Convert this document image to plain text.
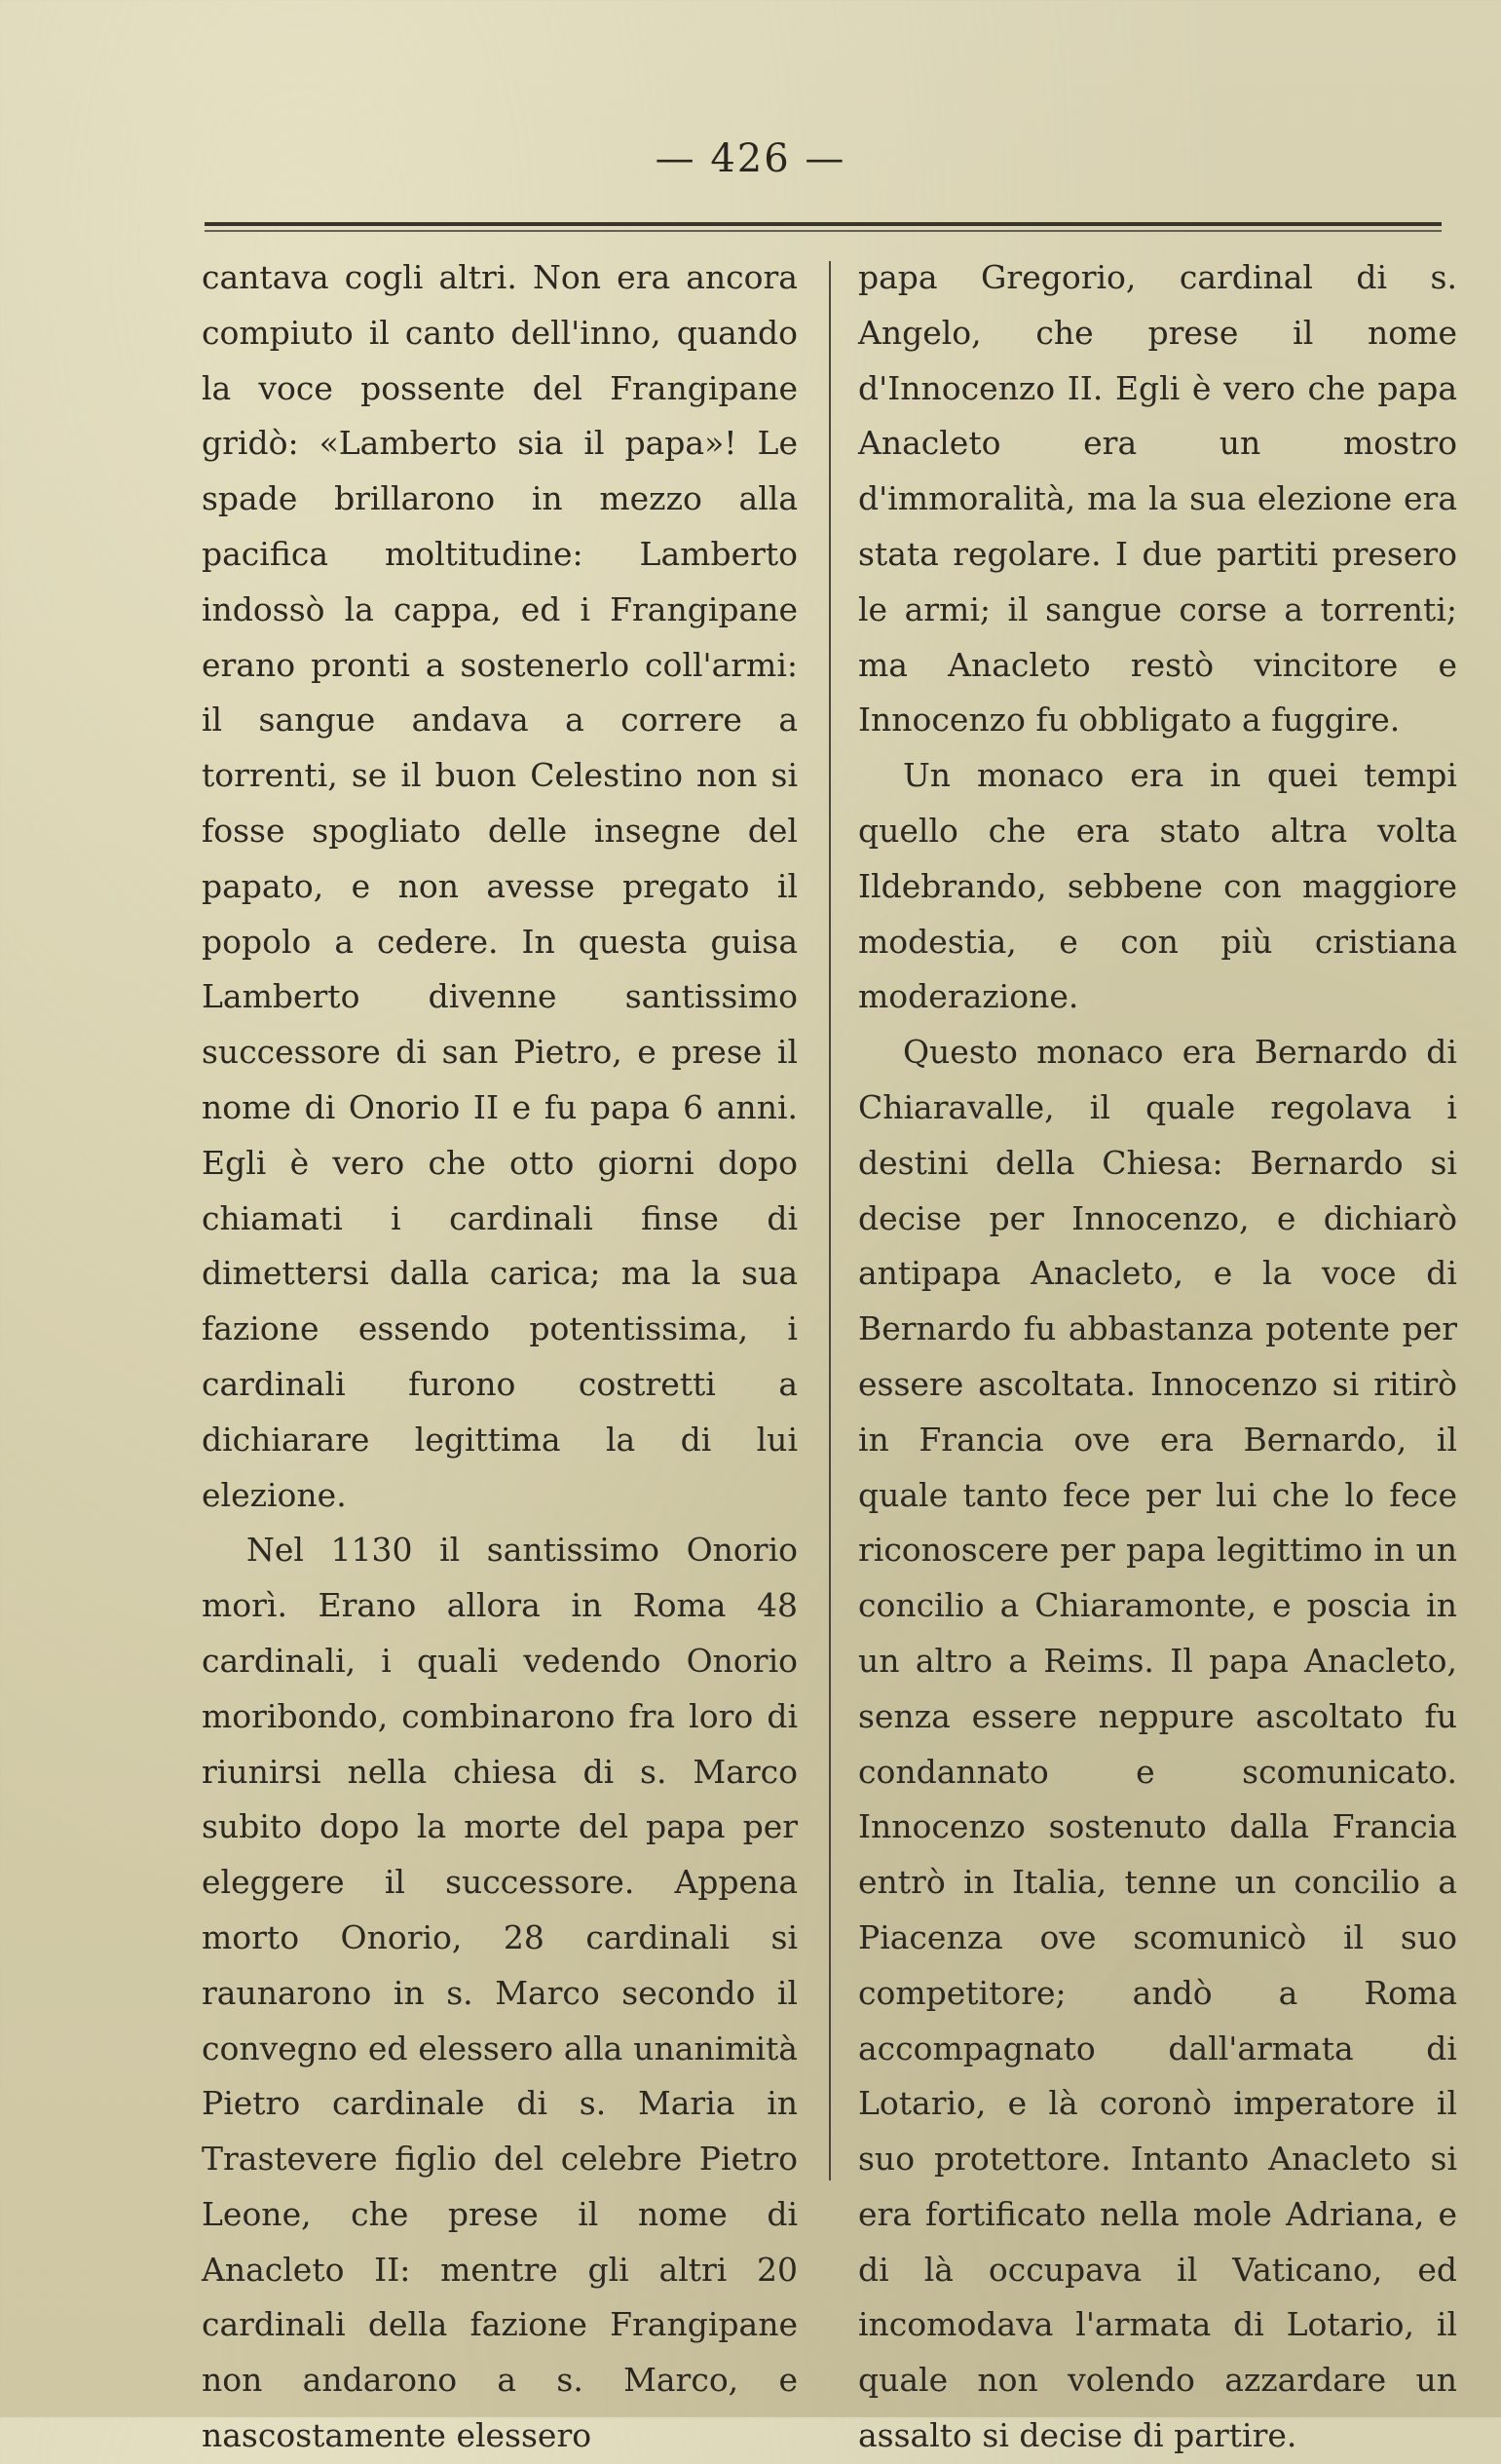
— 426 —

cantava cogli altri. Non era ancora compiuto il canto dell'inno, quando la voce possente del Frangipane gridò: «Lamberto sia il papa»! Le spade brillarono in mezzo alla pacifica moltitudine: Lamberto indossò la cappa, ed i Frangipane erano pronti a sostenerlo coll'armi: il sangue andava a correre a torrenti, se il buon Celestino non si fosse spogliato delle insegne del papato, e non avesse pregato il popolo a cedere. In questa guisa Lamberto divenne santissimo successore di san Pietro, e prese il nome di Onorio II e fu papa 6 anni. Egli è vero che otto giorni dopo chiamati i cardinali finse di dimettersi dalla carica; ma la sua fazione essendo potentissima, i cardinali furono costretti a dichiarare legittima la di lui elezione.

Nel 1130 il santissimo Onorio morì. Erano allora in Roma 48 cardinali, i quali vedendo Onorio moribondo, combinarono fra loro di riunirsi nella chiesa di s. Marco subito dopo la morte del papa per eleggere il successore. Appena morto Onorio, 28 cardinali si raunarono in s. Marco secondo il convegno ed elessero alla unanimità Pietro cardinale di s. Maria in Trastevere figlio del celebre Pietro Leone, che prese il nome di Anacleto II: mentre gli altri 20 cardinali della fazione Frangipane non andarono a s. Marco, e nascostamente elessero

papa Gregorio, cardinal di s. Angelo, che prese il nome d'Innocenzo II. Egli è vero che papa Anacleto era un mostro d'immoralità, ma la sua elezione era stata regolare. I due partiti presero le armi; il sangue corse a torrenti; ma Anacleto restò vincitore e Innocenzo fu obbligato a fuggire.

Un monaco era in quei tempi quello che era stato altra volta Ildebrando, sebbene con maggiore modestia, e con più cristiana moderazione.

Questo monaco era Bernardo di Chiaravalle, il quale regolava i destini della Chiesa: Bernardo si decise per Innocenzo, e dichiarò antipapa Anacleto, e la voce di Bernardo fu abbastanza potente per essere ascoltata. Innocenzo si ritirò in Francia ove era Bernardo, il quale tanto fece per lui che lo fece riconoscere per papa legittimo in un concilio a Chiaramonte, e poscia in un altro a Reims. Il papa Anacleto, senza essere neppure ascoltato fu condannato e scomunicato. Innocenzo sostenuto dalla Francia entrò in Italia, tenne un concilio a Piacenza ove scomunicò il suo competitore; andò a Roma accompagnato dall'armata di Lotario, e là coronò imperatore il suo protettore. Intanto Anacleto si era fortificato nella mole Adriana, e di là occupava il Vaticano, ed incomodava l'armata di Lotario, il quale non volendo azzardare un assalto si decise di partire.
